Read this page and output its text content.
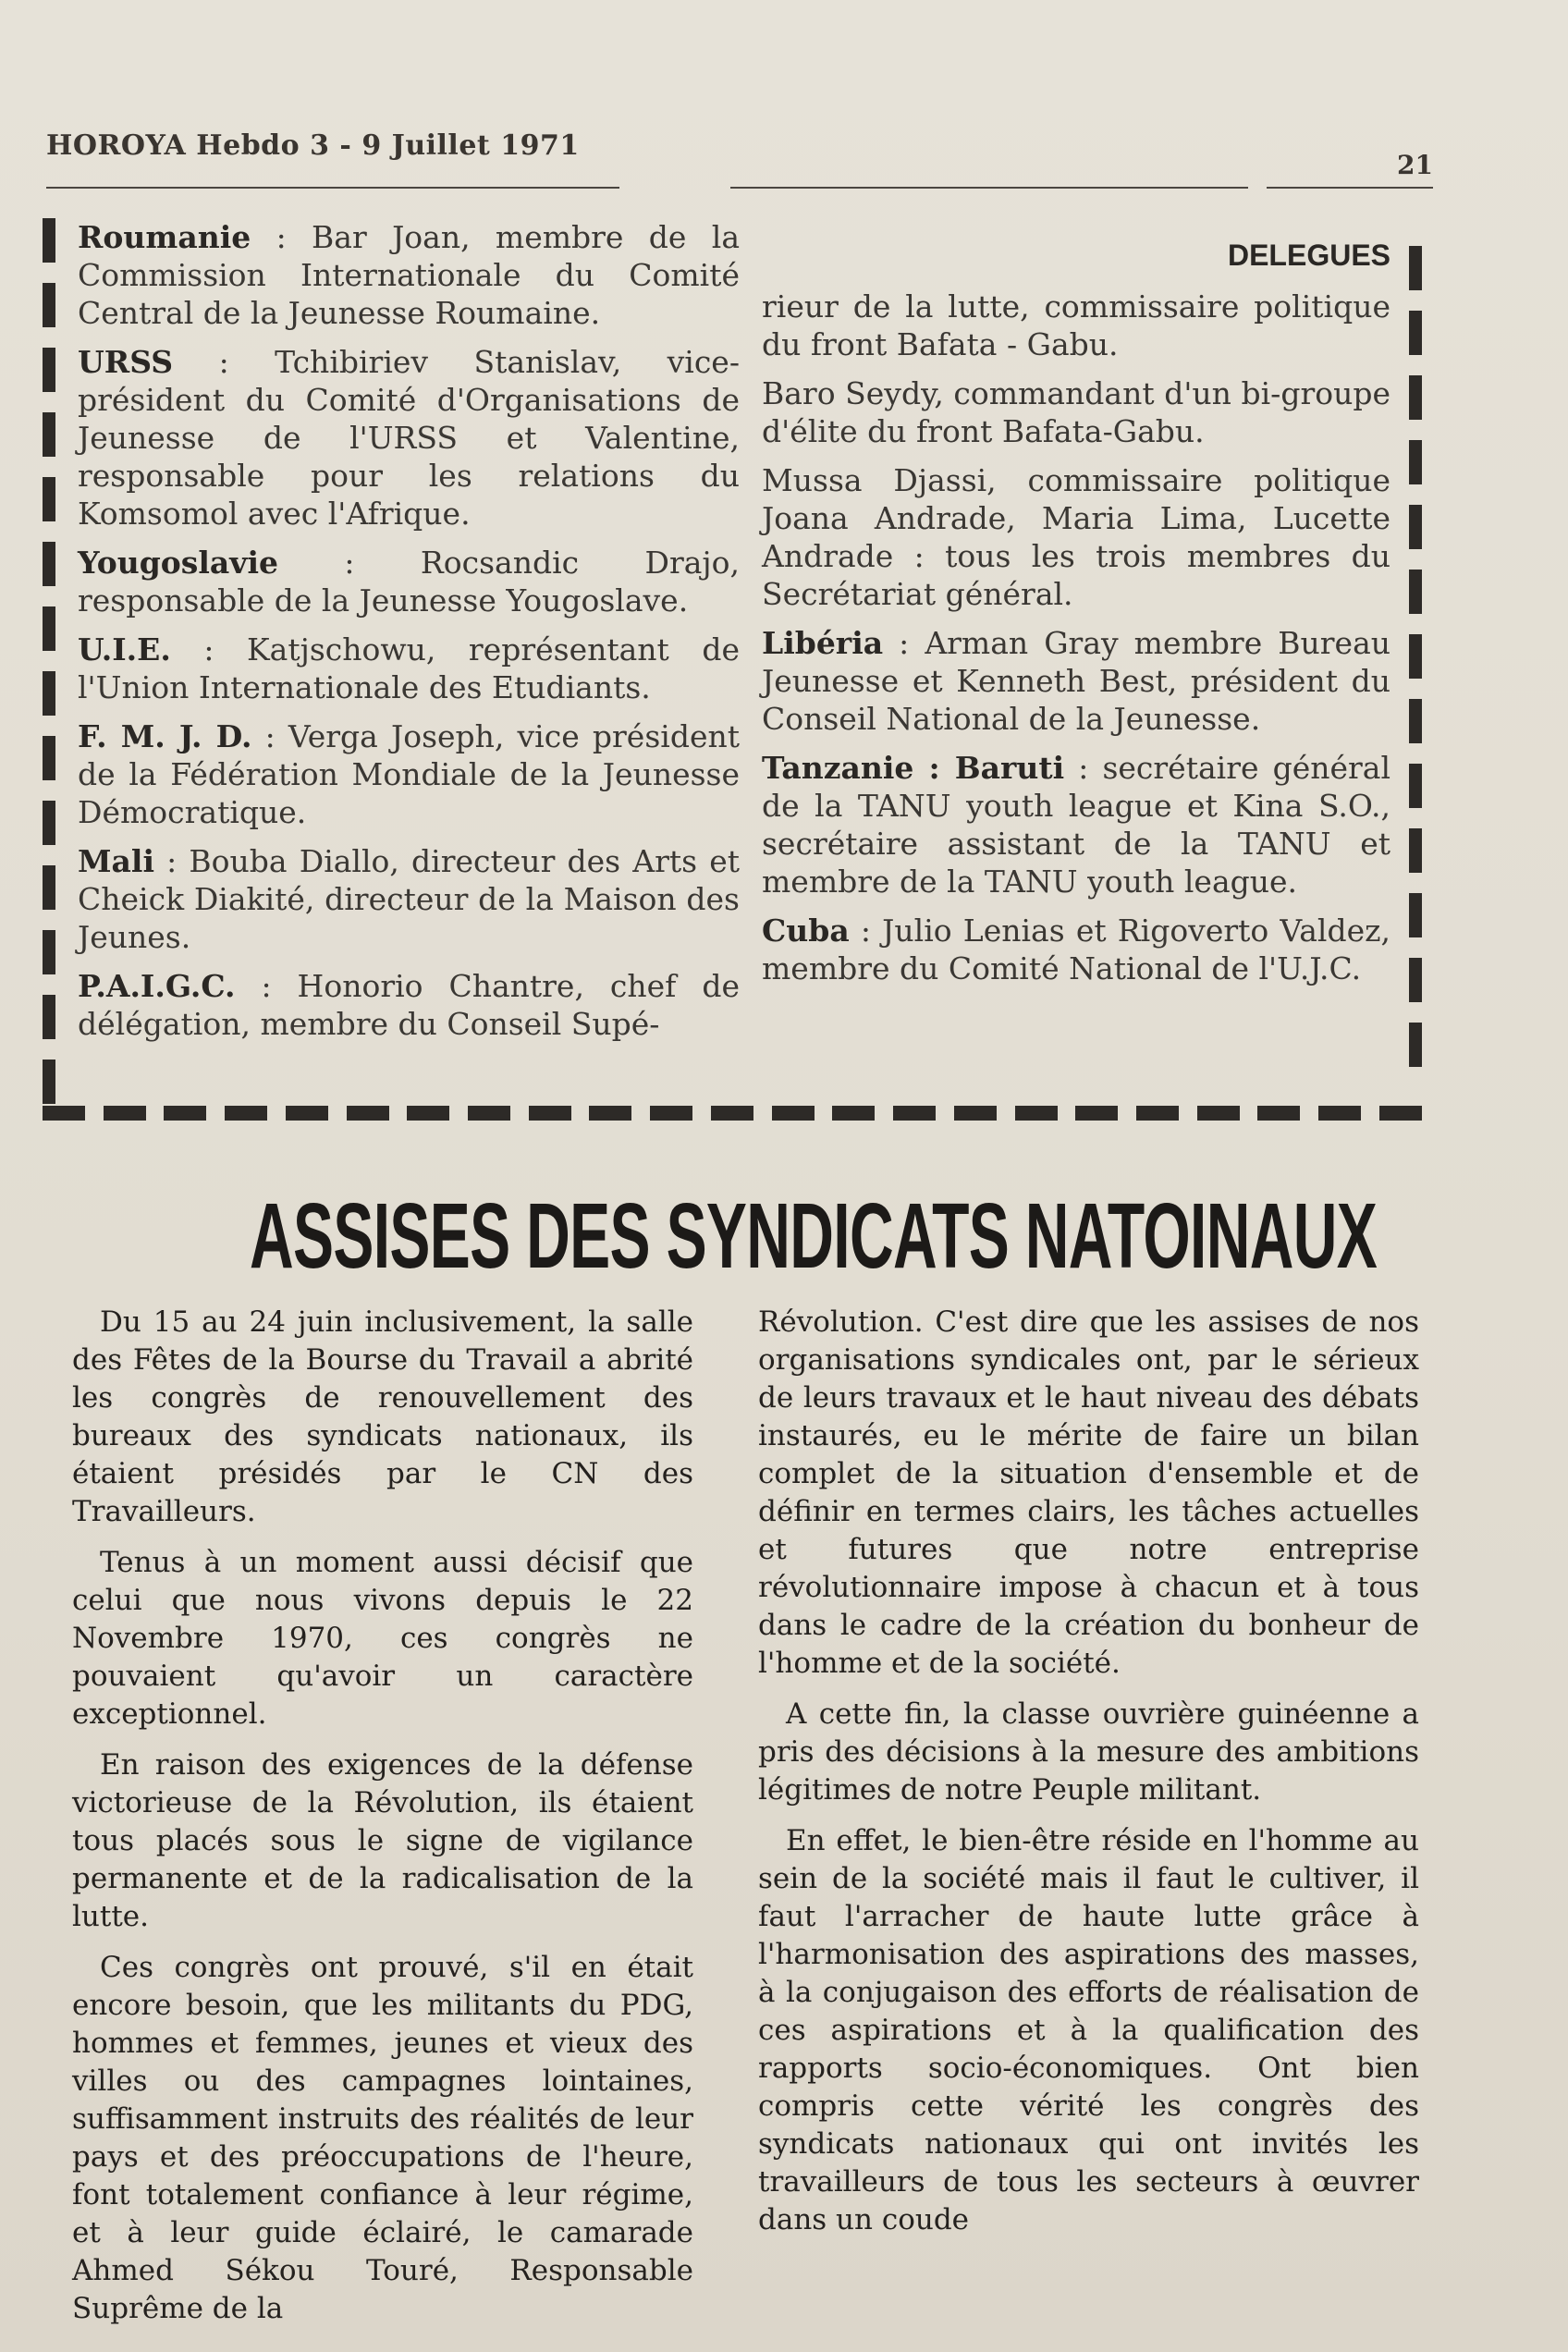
HOROYA Hebdo 3 - 9 Juillet 1971
21

Roumanie : Bar Joan, membre de la Commission Internationale du Comité Central de la Jeunesse Roumaine.

URSS : Tchibiriev Stanislav, vice-président du Comité d'Organisations de Jeunesse de l'URSS et Valentine, responsable pour les relations du Komsomol avec l'Afrique.

Yougoslavie : Rocsandic Drajo, responsable de la Jeunesse Yougoslave.

U.I.E. : Katjschowu, représentant de l'Union Internationale des Etudiants.

F. M. J. D. : Verga Joseph, vice président de la Fédération Mondiale de la Jeunesse Démocratique.

Mali : Bouba Diallo, directeur des Arts et Cheick Diakité, directeur de la Maison des Jeunes.

P.A.I.G.C. : Honorio Chantre, chef de délégation, membre du Conseil Supé-

DELEGUES

rieur de la lutte, commissaire politique du front Bafata - Gabu.

Baro Seydy, commandant d'un bi-groupe d'élite du front Bafata-Gabu.

Mussa Djassi, commissaire politique Joana Andrade, Maria Lima, Lucette Andrade : tous les trois membres du Secrétariat général.

Libéria : Arman Gray membre Bureau Jeunesse et Kenneth Best, président du Conseil National de la Jeunesse.

Tanzanie : Baruti : secrétaire général de la TANU youth league et Kina S.O., secrétaire assistant de la TANU et membre de la TANU youth league.

Cuba : Julio Lenias et Rigoverto Valdez, membre du Comité National de l'U.J.C.

ASSISES DES SYNDICATS NATOINAUX

Du 15 au 24 juin inclusivement, la salle des Fêtes de la Bourse du Travail a abrité les congrès de renouvellement des bureaux des syndicats nationaux, ils étaient présidés par le CN des Travailleurs.

Tenus à un moment aussi décisif que celui que nous vivons depuis le 22 Novembre 1970, ces congrès ne pouvaient qu'avoir un caractère exceptionnel.

En raison des exigences de la défense victorieuse de la Révolution, ils étaient tous placés sous le signe de vigilance permanente et de la radicalisation de la lutte.

Ces congrès ont prouvé, s'il en était encore besoin, que les militants du PDG, hommes et femmes, jeunes et vieux des villes ou des campagnes lointaines, suffisamment instruits des réalités de leur pays et des préoccupations de l'heure, font totalement confiance à leur régime, et à leur guide éclairé, le camarade Ahmed Sékou Touré, Responsable Suprême de la

Révolution. C'est dire que les assises de nos organisations syndicales ont, par le sérieux de leurs travaux et le haut niveau des débats instaurés, eu le mérite de faire un bilan complet de la situation d'ensemble et de définir en termes clairs, les tâches actuelles et futures que notre entreprise révolutionnaire impose à chacun et à tous dans le cadre de la création du bonheur de l'homme et de la société.

A cette fin, la classe ouvrière guinéenne a pris des décisions à la mesure des ambitions légitimes de notre Peuple militant.

En effet, le bien-être réside en l'homme au sein de la société mais il faut le cultiver, il faut l'arracher de haute lutte grâce à l'harmonisation des aspirations des masses, à la conjugaison des efforts de réalisation de ces aspirations et à la qualification des rapports socio-économiques. Ont bien compris cette vérité les congrès des syndicats nationaux qui ont invités les travailleurs de tous les secteurs à œuvrer dans un coude
